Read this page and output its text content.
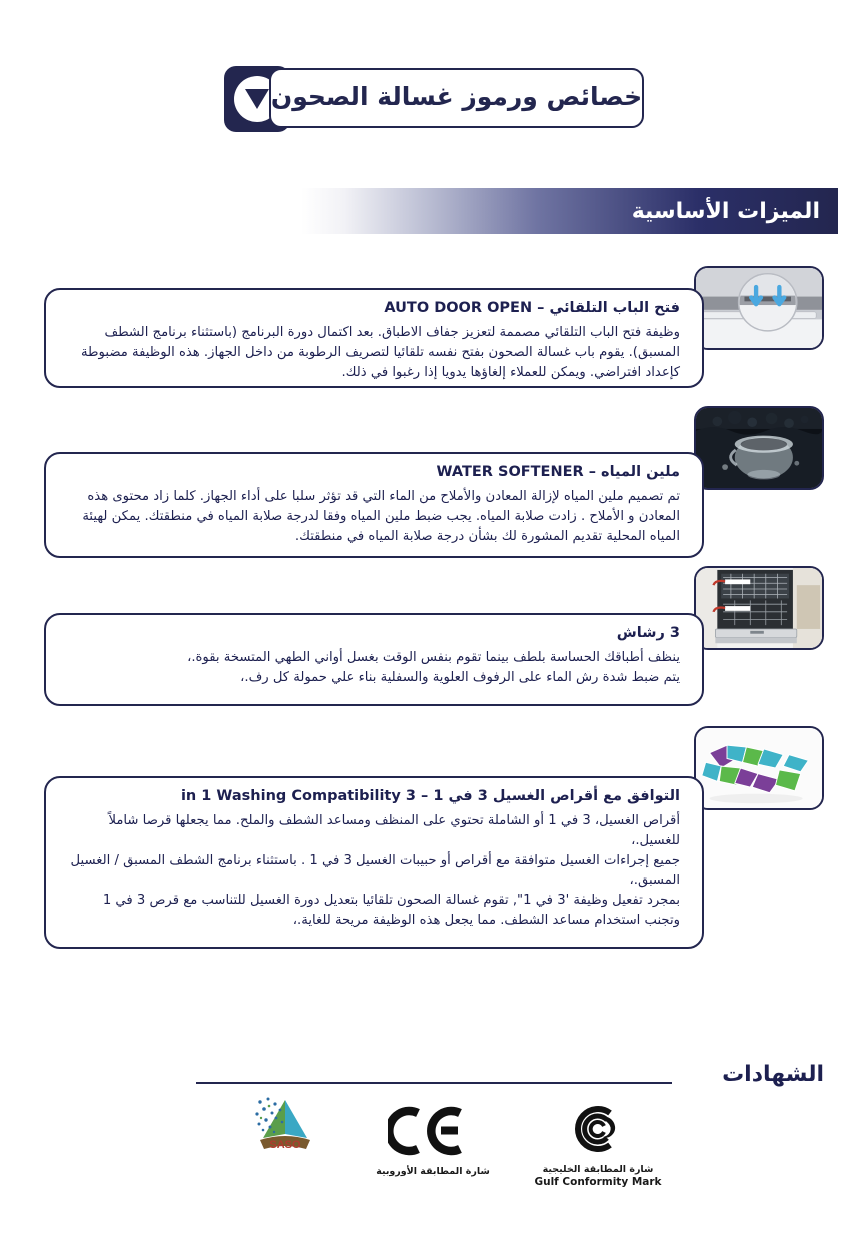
خصائص ورموز غسالة الصحون
الميزات الأساسية
فتح الباب التلقائي – AUTO DOOR OPEN
وظيفة فتح الباب التلقائي مصممة لتعزيز جفاف الاطباق. بعد اكتمال دورة البرنامج (باستثناء برنامج الشطف المسبق). يقوم باب غسالة الصحون بفتح نفسه تلقائيا لتصريف الرطوبة من داخل الجهاز. هذه الوظيفة مضبوطة كإعداد افتراضي. ويمكن للعملاء إلغاؤها يدويا إذا رغبوا في ذلك.
ملين المياه – WATER SOFTENER
تم تصميم ملين المياه لإزالة المعادن والأملاح من الماء التي قد تؤثر سلبا على أداء الجهاز. كلما زاد محتوى هذه المعادن و الأملاح . زادت صلابة المياه. يجب ضبط ملين المياه وفقا لدرجة صلابة المياه في منطقتك. يمكن لهيئة المياه المحلية تقديم المشورة لك بشأن درجة صلابة المياه في منطقتك.
3 رشاش
ينظف أطباقك الحساسة بلطف بينما تقوم بنفس الوقت بغسل أواني الطهي المتسخة بقوة.،
يتم ضبط شدة رش الماء على الرفوف العلوية والسفلية بناء علي حمولة كل رف.،
التوافق مع أقراص الغسيل 3 في 1 – 3 in 1 Washing Compatibility
أقراص الغسيل، 3 في 1 أو الشاملة تحتوي على المنظف ومساعد الشطف والملح. مما يجعلها قرصا شاملاً للغسيل.،
جميع إجراءات الغسيل متوافقة مع أقراص أو حبيبات الغسيل 3 في 1 . باستثناء برنامج الشطف المسبق / الغسيل المسبق.،
بمجرد تفعيل وظيفة '3 في 1", تقوم غسالة الصحون تلقائيا بتعديل دورة الغسيل للتناسب مع قرص 3 في 1 وتجنب استخدام مساعد الشطف. مما يجعل هذه الوظيفة مريحة للغاية.،
الشهادات
SASO
شارة المطابقة الأوروبية	شارة المطابقة الخليجية
Gulf Conformity Mark
